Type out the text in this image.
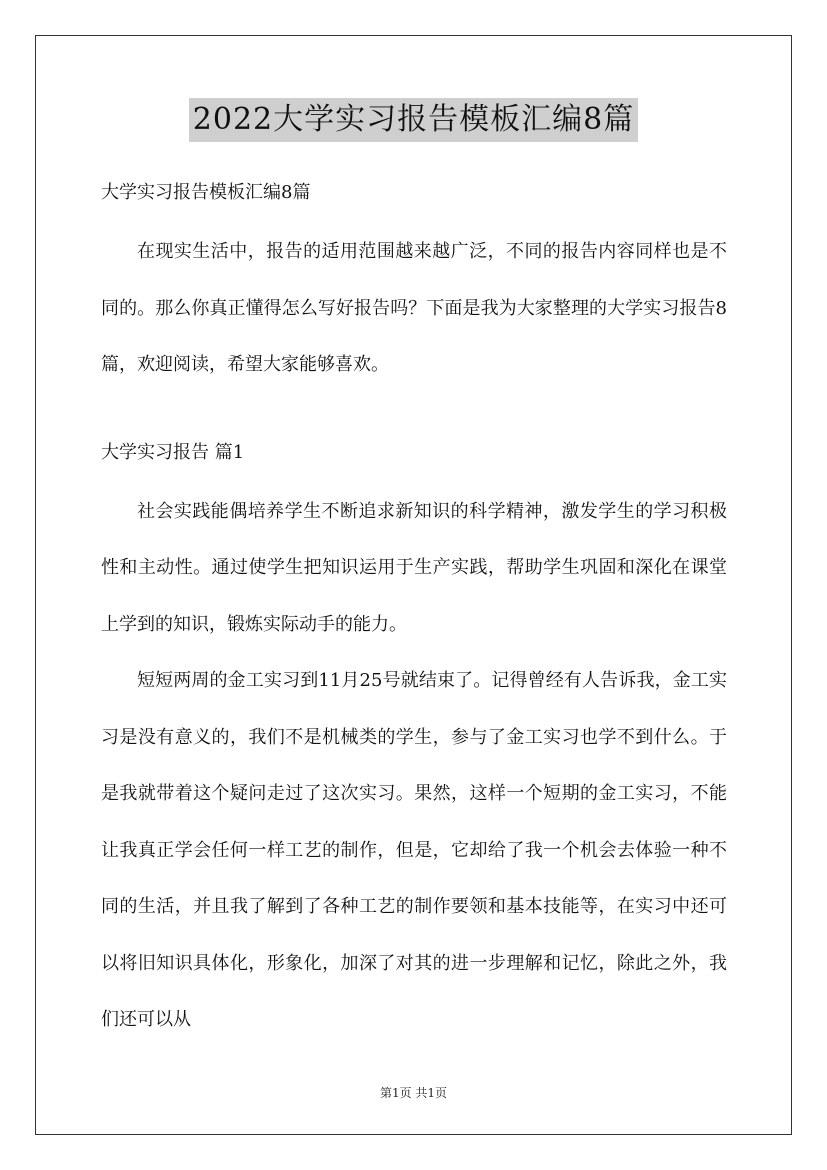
2022大学实习报告模板汇编8篇

大学实习报告模板汇编8篇

在现实生活中，报告的适用范围越来越广泛，不同的报告内容同样也是不同的。那么你真正懂得怎么写好报告吗？下面是我为大家整理的大学实习报告8篇，欢迎阅读，希望大家能够喜欢。

大学实习报告 篇1

社会实践能偶培养学生不断追求新知识的科学精神，激发学生的学习积极性和主动性。通过使学生把知识运用于生产实践，帮助学生巩固和深化在课堂上学到的知识，锻炼实际动手的能力。

短短两周的金工实习到11月25号就结束了。记得曾经有人告诉我，金工实习是没有意义的，我们不是机械类的学生，参与了金工实习也学不到什么。于是我就带着这个疑问走过了这次实习。果然，这样一个短期的金工实习，不能让我真正学会任何一样工艺的制作，但是，它却给了我一个机会去体验一种不同的生活，并且我了解到了各种工艺的制作要领和基本技能等，在实习中还可以将旧知识具体化，形象化，加深了对其的进一步理解和记忆，除此之外，我们还可以从

第1页 共1页
